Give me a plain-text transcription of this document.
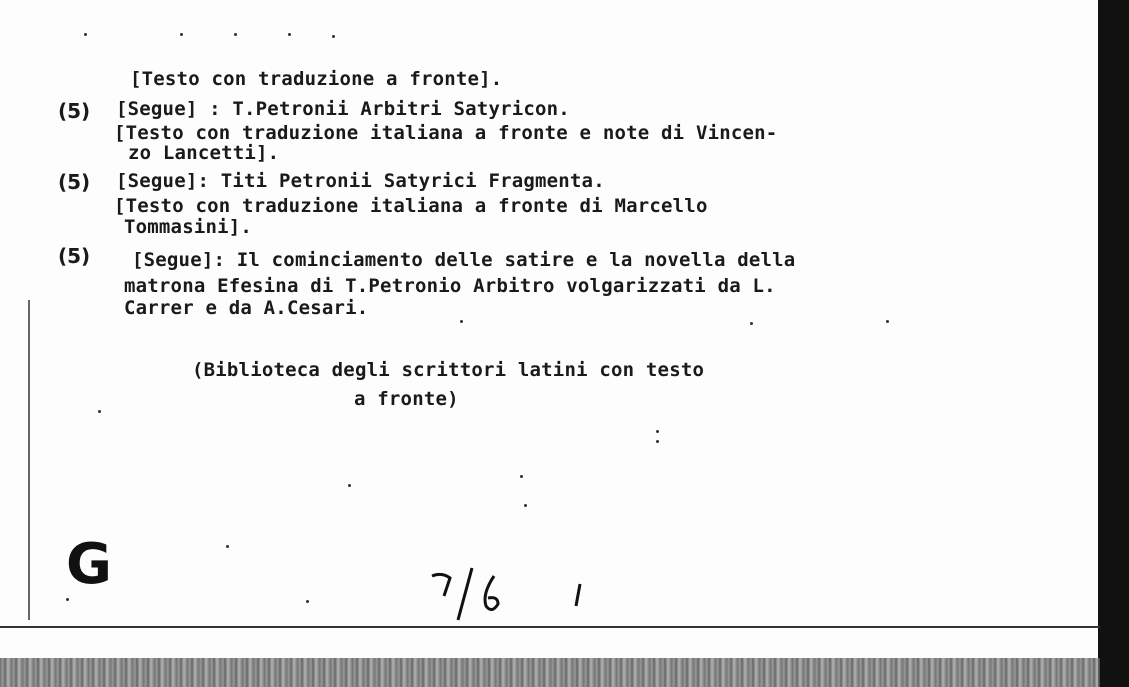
[Testo con traduzione a fronte].
(5) [Segue] : T.Petronii Arbitri Satyricon.
[Testo con traduzione italiana a fronte e note di Vincen-
zo Lancetti].
(5) [Segue]: Titi Petronii Satyrici Fragmenta.
[Testo con traduzione italiana a fronte di Marcello
Tommasini].
(5) [Segue]: Il cominciamento delle satire e la novella della
matrona Efesina di T.Petronio Arbitro volgarizzati da L.
Carrer e da A.Cesari.
(Biblioteca degli scrittori latini con testo
a fronte)
G
